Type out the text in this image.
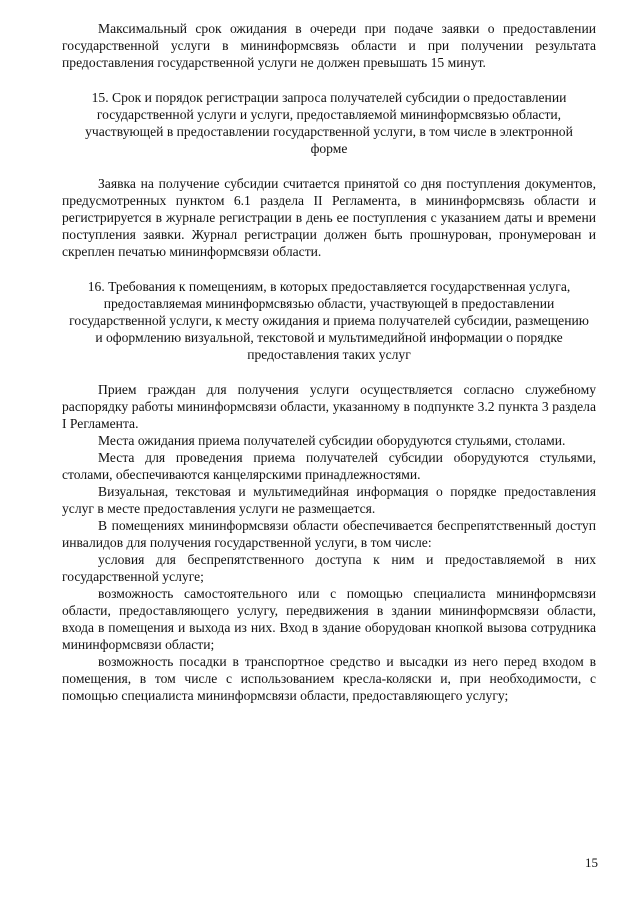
Максимальный срок ожидания в очереди при подаче заявки о предоставлении государственной услуги в мининформсвязь области и при получении результата предоставления государственной услуги не должен превышать 15 минут.

15. Срок и порядок регистрации запроса получателей субсидии о предоставлении государственной услуги и услуги, предоставляемой мининформсвязью области, участвующей в предоставлении государственной услуги, в том числе в электронной форме

Заявка на получение субсидии считается принятой со дня поступления документов, предусмотренных пунктом 6.1 раздела II Регламента, в мининформсвязь области и регистрируется в журнале регистрации в день ее поступления с указанием даты и времени поступления заявки. Журнал регистрации должен быть прошнурован, пронумерован и скреплен печатью мининформсвязи области.

16. Требования к помещениям, в которых предоставляется государственная услуга, предоставляемая мининформсвязью области, участвующей в предоставлении государственной услуги, к месту ожидания и приема получателей субсидии, размещению и оформлению визуальной, текстовой и мультимедийной информации о порядке предоставления таких услуг

Прием граждан для получения услуги осуществляется согласно служебному распорядку работы мининформсвязи области, указанному в подпункте 3.2 пункта 3 раздела I Регламента.

Места ожидания приема получателей субсидии оборудуются стульями, столами.

Места для проведения приема получателей субсидии оборудуются стульями, столами, обеспечиваются канцелярскими принадлежностями.

Визуальная, текстовая и мультимедийная информация о порядке предоставления услуг в месте предоставления услуги не размещается.

В помещениях мининформсвязи области обеспечивается беспрепятственный доступ инвалидов для получения государственной услуги, в том числе:

условия для беспрепятственного доступа к ним и предоставляемой в них государственной услуге;

возможность самостоятельного или с помощью специалиста мининформсвязи области, предоставляющего услугу, передвижения в здании мининформсвязи области, входа в помещения и выхода из них. Вход в здание оборудован кнопкой вызова сотрудника мининформсвязи области;

возможность посадки в транспортное средство и высадки из него перед входом в помещения, в том числе с использованием кресла-коляски и, при необходимости, с помощью специалиста мининформсвязи области, предоставляющего услугу;

15
